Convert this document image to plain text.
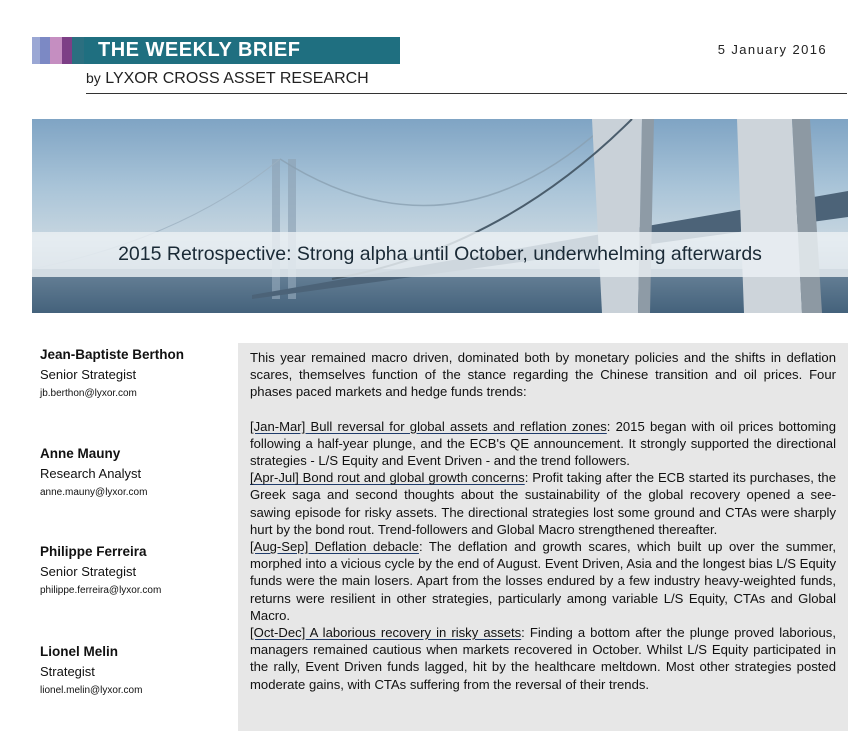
THE WEEKLY BRIEF	5 January 2016
by LYXOR CROSS ASSET RESEARCH
2015 Retrospective: Strong alpha until October, underwhelming afterwards
Jean-Baptiste Berthon
Senior Strategist
jb.berthon@lyxor.com
Anne Mauny
Research Analyst
anne.mauny@lyxor.com
Philippe Ferreira
Senior Strategist
philippe.ferreira@lyxor.com
Lionel Melin
Strategist
lionel.melin@lyxor.com

This year remained macro driven, dominated both by monetary policies and the shifts in deflation scares, themselves function of the stance regarding the Chinese transition and oil prices. Four phases paced markets and hedge funds trends:

[Jan-Mar] Bull reversal for global assets and reflation zones: 2015 began with oil prices bottoming following a half-year plunge, and the ECB's QE announcement. It strongly supported the directional strategies - L/S Equity and Event Driven - and the trend followers.

[Apr-Jul] Bond rout and global growth concerns: Profit taking after the ECB started its purchases, the Greek saga and second thoughts about the sustainability of the global recovery opened a see-sawing episode for risky assets. The directional strategies lost some ground and CTAs were sharply hurt by the bond rout. Trend-followers and Global Macro strengthened thereafter.

[Aug-Sep] Deflation debacle: The deflation and growth scares, which built up over the summer, morphed into a vicious cycle by the end of August. Event Driven, Asia and the longest bias L/S Equity funds were the main losers. Apart from the losses endured by a few industry heavy-weighted funds, returns were resilient in other strategies, particularly among variable L/S Equity, CTAs and Global Macro.

[Oct-Dec] A laborious recovery in risky assets: Finding a bottom after the plunge proved laborious, managers remained cautious when markets recovered in October. Whilst L/S Equity participated in the rally, Event Driven funds lagged, hit by the healthcare meltdown. Most other strategies posted moderate gains, with CTAs suffering from the reversal of their trends.
